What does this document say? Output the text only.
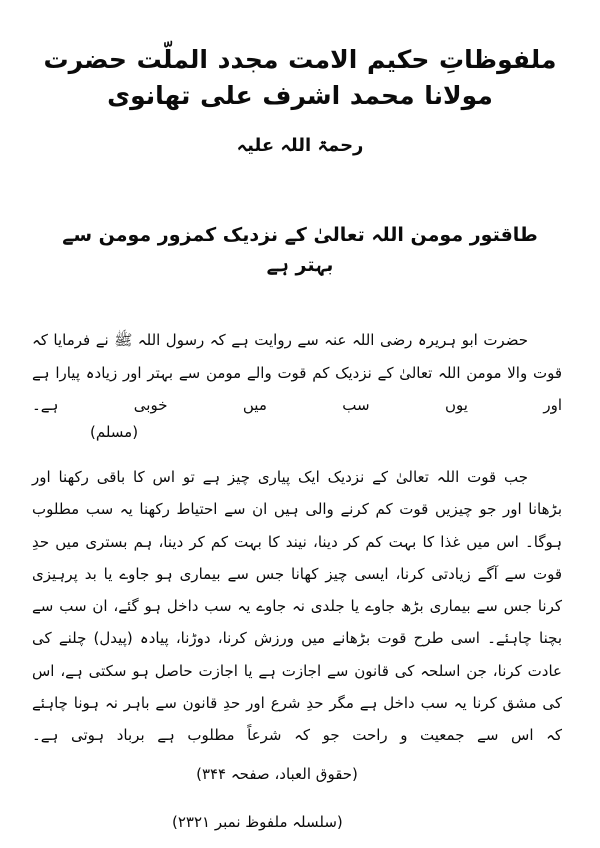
ملفوظاتِ حکیم الامت مجدد الملّت حضرت مولانا محمد اشرف علی تھانوی
رحمۃ اللہ علیہ
طاقتور مومن اللہ تعالیٰ کے نزدیک کمزور مومن سے بہتر ہے

حضرت ابو ہریرہ رضی اللہ عنہ سے روایت ہے کہ رسول اللہ ﷺ نے فرمایا کہ قوت والا مومن اللہ تعالیٰ کے نزدیک کم قوت والے مومن سے بہتر اور زیادہ پیارا ہے اور یوں سب میں خوبی ہے۔

(مسلم)

جب قوت اللہ تعالیٰ کے نزدیک ایک پیاری چیز ہے تو اس کا باقی رکھنا اور بڑھانا اور جو چیزیں قوت کم کرنے والی ہیں ان سے احتیاط رکھنا یہ سب مطلوب ہوگا۔ اس میں غذا کا بہت کم کر دینا، نیند کا بہت کم کر دینا، ہم بستری میں حدِ قوت سے آگے زیادتی کرنا، ایسی چیز کھانا جس سے بیماری ہو جاوے یا بد پرہیزی کرنا جس سے بیماری بڑھ جاوے یا جلدی نہ جاوے یہ سب داخل ہو گئے، ان سب سے بچنا چاہئے۔ اسی طرح قوت بڑھانے میں ورزش کرنا، دوڑنا، پیادہ (پیدل) چلنے کی عادت کرنا، جن اسلحہ کی قانون سے اجازت ہے یا اجازت حاصل ہو سکتی ہے، اس کی مشق کرنا یہ سب داخل ہے مگر حدِ شرع اور حدِ قانون سے باہر نہ ہونا چاہئے کہ اس سے جمعیت و راحت جو کہ شرعاً مطلوب ہے برباد ہوتی ہے۔

(حقوق العباد، صفحہ ۳۴۴)
(سلسلہ ملفوظ نمبر ۲۳۲۱)
